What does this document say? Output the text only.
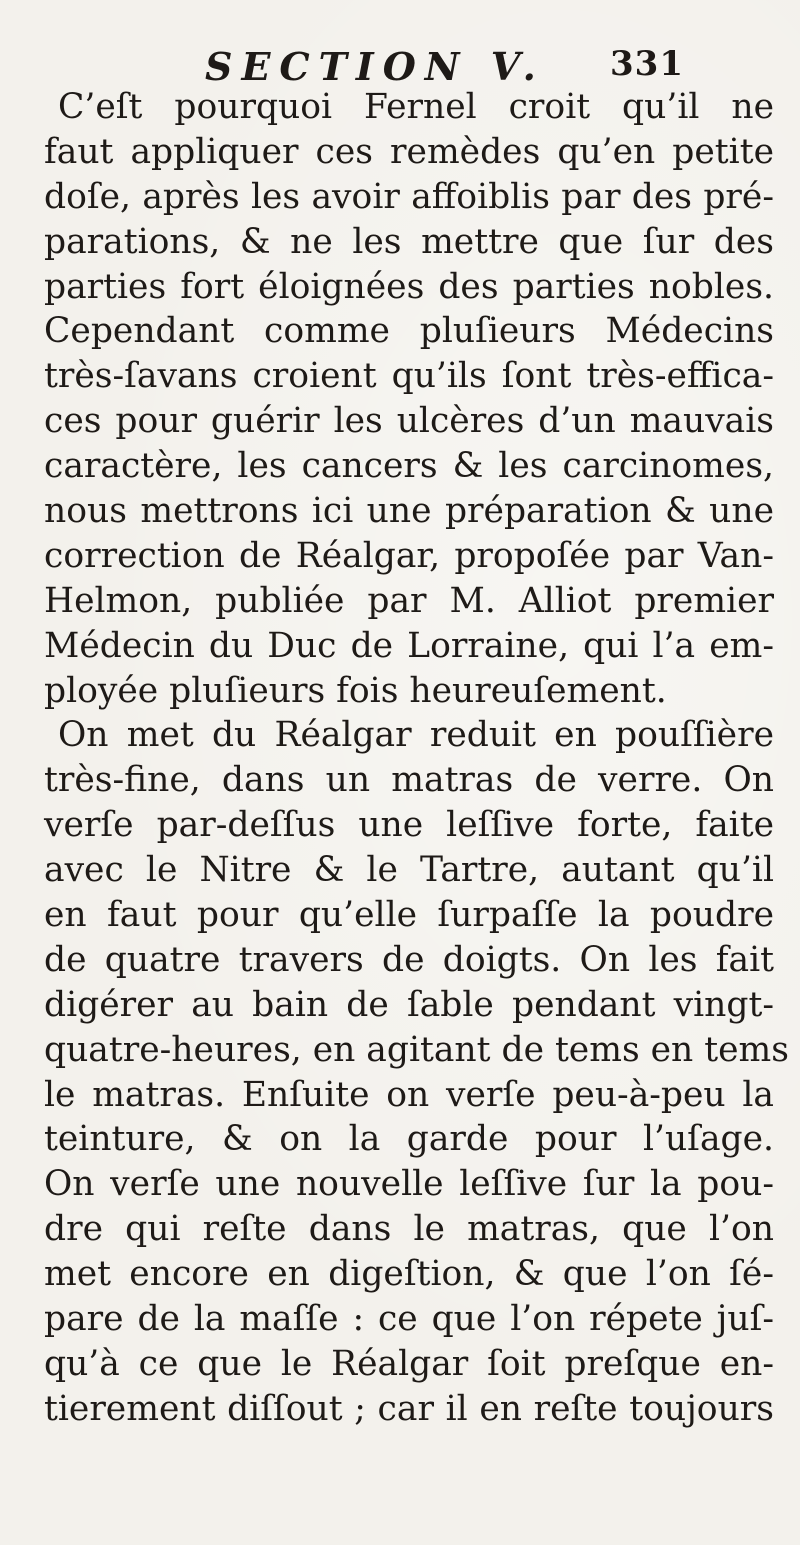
SECTION V. 331
C’eſt pourquoi Fernel croit qu’il ne
faut appliquer ces remèdes qu’en petite
doſe, après les avoir affoiblis par des pré-
parations, & ne les mettre que ſur des
parties fort éloignées des parties nobles.
Cependant comme pluſieurs Médecins
très-ſavans croient qu’ils ſont très-effica-
ces pour guérir les ulcères d’un mauvais
caractère, les cancers & les carcinomes,
nous mettrons ici une préparation & une
correction de Réalgar, propoſée par Van-
Helmon, publiée par M. Alliot premier
Médecin du Duc de Lorraine, qui l’a em-
ployée pluſieurs fois heureuſement.
On met du Réalgar reduit en pouſſière
très-fine, dans un matras de verre. On
verſe par-deſſus une leſſive forte, faite
avec le Nitre & le Tartre, autant qu’il
en faut pour qu’elle ſurpaſſe la poudre
de quatre travers de doigts. On les fait
digérer au bain de ſable pendant vingt-
quatre-heures, en agitant de tems en tems
le matras. Enſuite on verſe peu-à-peu la
teinture, & on la garde pour l’uſage.
On verſe une nouvelle leſſive ſur la pou-
dre qui reſte dans le matras, que l’on
met encore en digeſtion, & que l’on ſé-
pare de la maſſe : ce que l’on répete juſ-
qu’à ce que le Réalgar ſoit preſque en-
tierement diſſout ; car il en reſte toujours
